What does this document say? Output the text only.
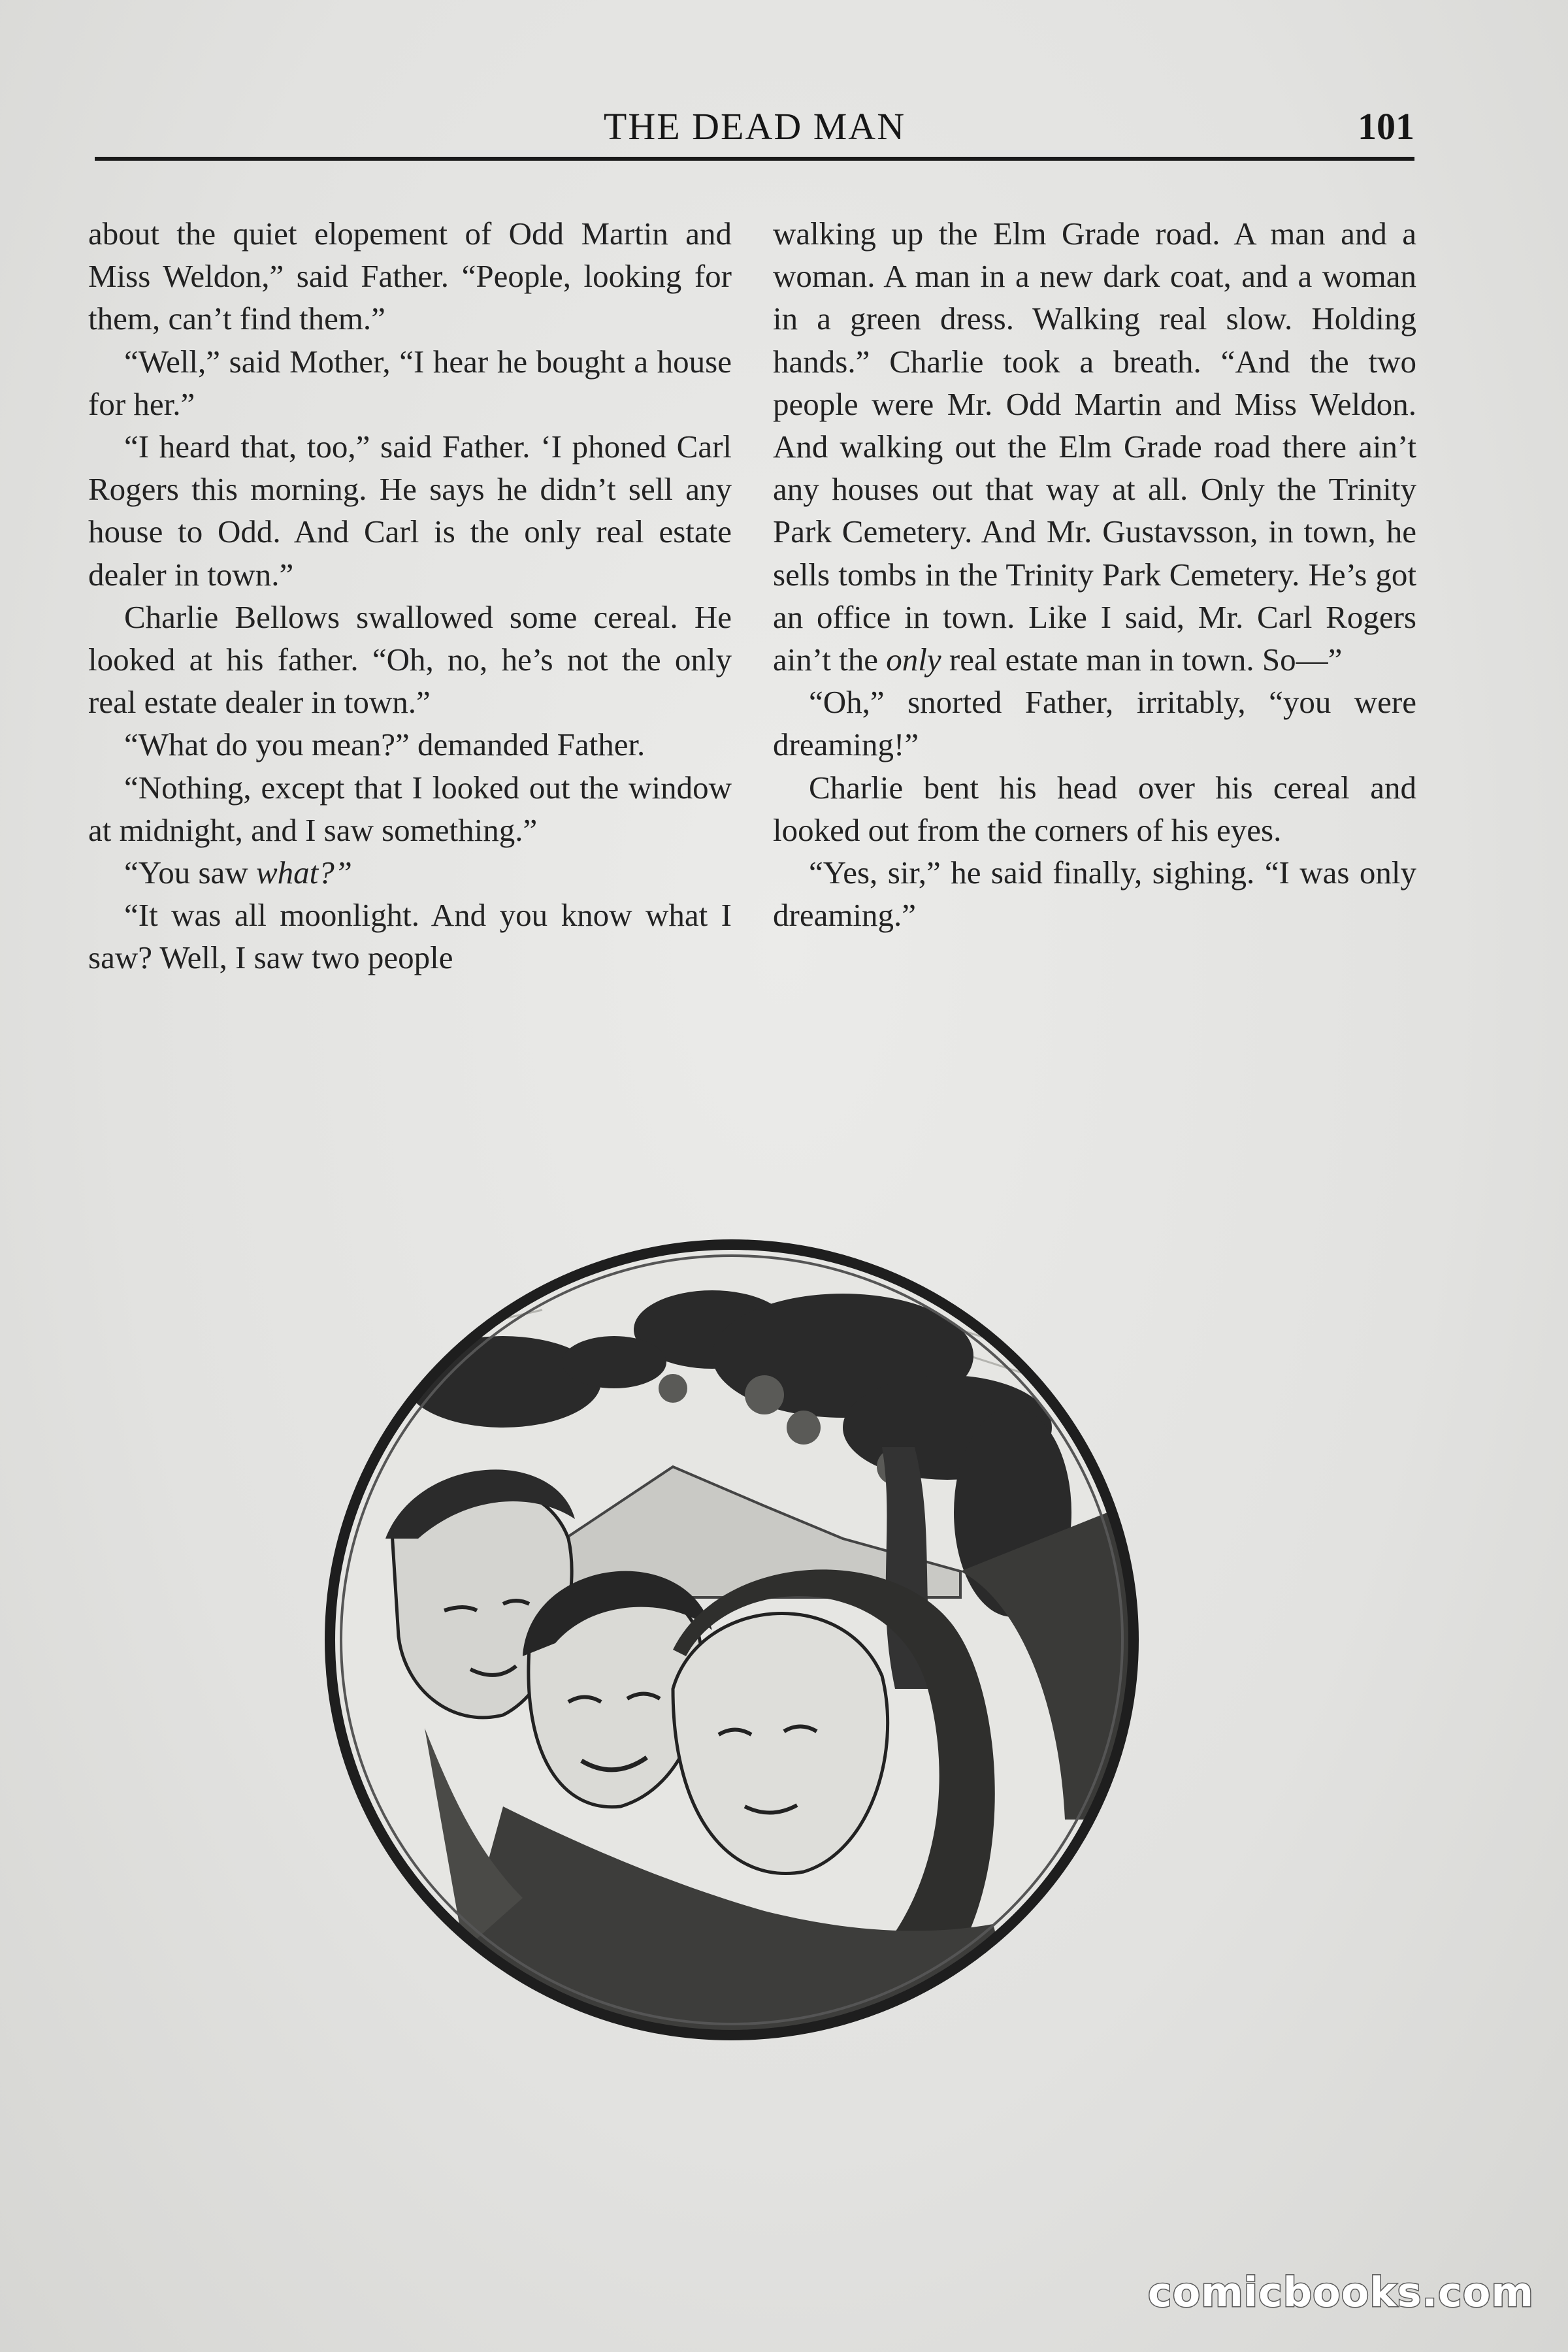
THE DEAD MAN	101

about the quiet elopement of Odd Martin and Miss Weldon,” said Father. “People, looking for them, can’t find them.”

“Well,” said Mother, “I hear he bought a house for her.”

“I heard that, too,” said Father. ‘I phoned Carl Rogers this morning. He says he didn’t sell any house to Odd. And Carl is the only real estate dealer in town.”

Charlie Bellows swallowed some cereal. He looked at his father. “Oh, no, he’s not the only real estate dealer in town.”

“What do you mean?” demanded Father.

“Nothing, except that I looked out the window at midnight, and I saw something.”

“You saw what?”

“It was all moonlight. And you know what I saw? Well, I saw two people

walking up the Elm Grade road. A man and a woman. A man in a new dark coat, and a woman in a green dress. Walking real slow. Holding hands.” Charlie took a breath. “And the two people were Mr. Odd Martin and Miss Weldon. And walking out the Elm Grade road there ain’t any houses out that way at all. Only the Trinity Park Cemetery. And Mr. Gustavsson, in town, he sells tombs in the Trinity Park Cemetery. He’s got an office in town. Like I said, Mr. Carl Rogers ain’t the only real estate man in town. So—”

“Oh,” snorted Father, irritably, “you were dreaming!”

Charlie bent his head over his cereal and looked out from the corners of his eyes.

“Yes, sir,” he said finally, sighing. “I was only dreaming.”

comicbooks.com
